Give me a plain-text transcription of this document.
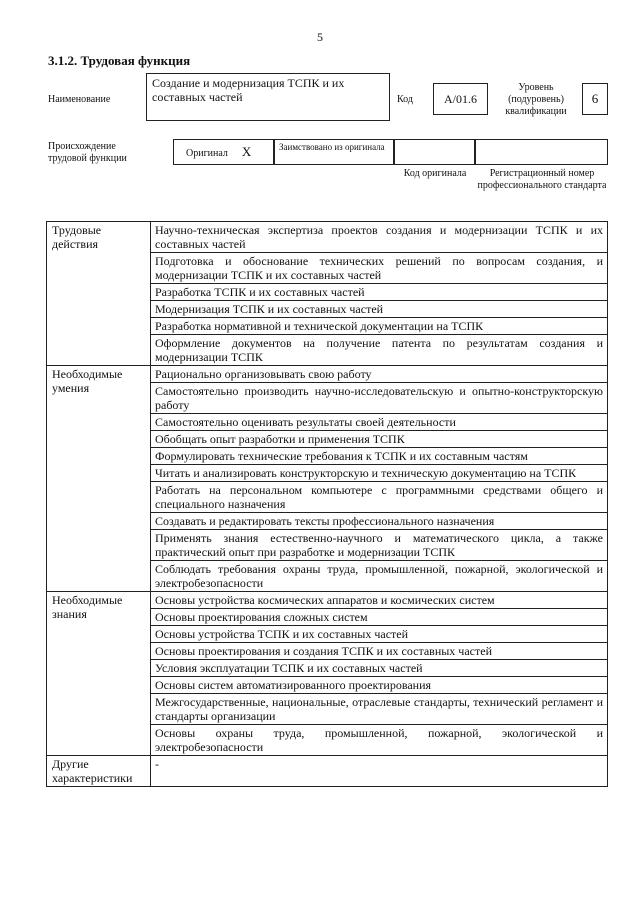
5
3.1.2. Трудовая функция
Наименование
Создание и модернизация ТСПК и их составных частей	Код	A/01.6
Уровень (подуровень) квалификации
6
Происхождение трудовой функции	Оригинал X	Заимствовано из оригинала
Код оригинала	Регистрационный номер профессионального стандарта
Трудовые действия	Научно-техническая экспертиза проектов создания и модернизации ТСПК и их составных частей
	Подготовка и обоснование технических решений по вопросам создания, и модернизации ТСПК и их составных частей
	Разработка ТСПК и их составных частей
	Модернизация ТСПК и их составных частей
	Разработка нормативной и технической документации на ТСПК
	Оформление документов на получение патента по результатам создания и модернизации ТСПК
Необходимые умения	Рационально организовывать свою работу
	Самостоятельно производить научно-исследовательскую и опытно-конструкторскую работу
	Самостоятельно оценивать результаты своей деятельности
	Обобщать опыт разработки и применения ТСПК
	Формулировать технические требования к ТСПК и их составным частям
	Читать и анализировать конструкторскую и техническую документацию на ТСПК
	Работать на персональном компьютере с программными средствами общего и специального назначения
	Создавать и редактировать тексты профессионального назначения
	Применять знания естественно-научного и математического цикла, а также практический опыт при разработке и модернизации ТСПК
	Соблюдать требования охраны труда, промышленной, пожарной, экологической и электробезопасности
Необходимые знания	Основы устройства космических аппаратов и космических систем
	Основы проектирования сложных систем
	Основы устройства ТСПК и их составных частей
	Основы проектирования и создания ТСПК и их составных частей
	Условия эксплуатации ТСПК и их составных частей
	Основы систем автоматизированного проектирования
	Межгосударственные, национальные, отраслевые стандарты, технический регламент и стандарты организации
	Основы охраны труда, промышленной, пожарной, экологической и электробезопасности
Другие характеристики	-
